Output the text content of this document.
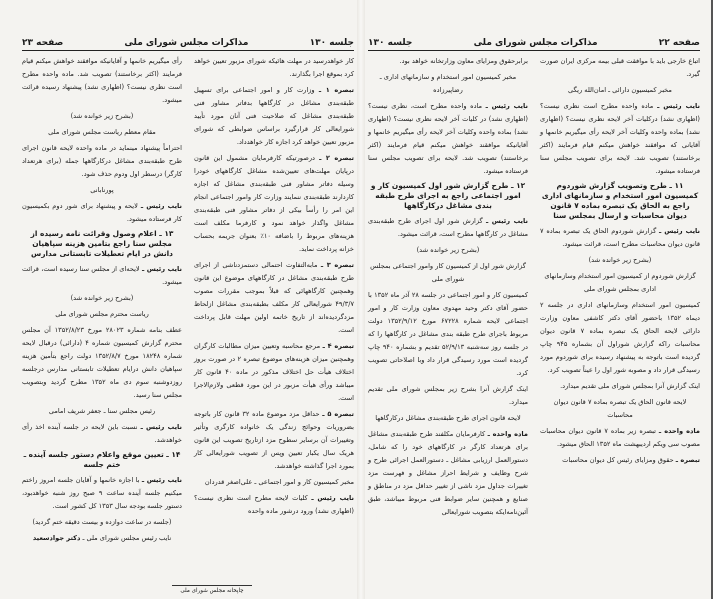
جلسه ۱۳۰
مذاکرات مجلس شورای ملی
صفحه ۲۳

کار خواهدرسید در مهلت هائیکه شورای مزبور تعیین خواهد کرد بموقع اجرا بگذارند.

تبصره ۱ ـ وزارت کار و امور اجتماعی برای تسهیل طبقه‌بندی مشاغل در کارگاهها بدفاتر مشاور فنی طبقه‌بندی مشاغل که صلاحیت فنی آنان مورد تأیید شورایعالی کار قرارگیرد براساس ضوابطی که شورای مزبور تعیین خواهد کرد اجازه کار خواهدداد.

تبصره ۲ ـ درصورتیکه کارفرمایان مشمول این قانون درپایان مهلت‌های تعیین‌شده مشاغل کارگاههای خودرا وسیله دفاتر مشاور فنی طبقه‌بندی مشاغل که اجازه کاردارند طبقه‌بندی ننمایند وزارت کار وامور اجتماعی انجام این امر را رأساً بیکی از دفاتر مشاور فنی طبقه‌بندی مشاغل واگذار خواهد نمود و کارفرما مکلف است هزینه‌های مربوط را باضافه ۱۰٪ بعنوان جریمه بحساب خزانه پرداخت نماید.

تبصره ۳ ـ مابه‌التفاوت احتمالی دستمزدناشی از اجرای طرح طبقه‌بندی مشاغل در کارگاههای موضوع این قانون وهمچنین کارگاههائی که قبلاً بموجب مقررات مصوب ۴۹/۳/۷ شورایعالی کار مکلف بطبقه‌بندی مشاغل ازلحاظ مزدگردیده‌اند از تاریخ خاتمه اولین مهلت قابل پرداخت است.

تبصره ۴ ـ مرجع محاسبه وتعیین میزان مطالبات کارگران وهمچنین میزان هزینه‌های موضوع تبصره ۲ در صورت بروز اختلاف هیأت حل اختلاف مذکور در ماده ۴۰ قانون کار میباشد ورأی هیأت مزبور در این مورد قطعی ولازم‌الاجرا است.

تبصره ۵ ـ حداقل مزد موضوع ماده ۳۲ قانون کار باتوجه بضروریات وحوائج زندگی یک خانواده کارگری وتأثیر وتغییرات آن برسایر سطوح مزد ازتاریخ تصویب این قانون هریک سال یکبار تعیین وپس از تصویب شورایعالی کار بمورد اجرا گذاشته خواهدشد.

مخبر کمیسیون کار و امور اجتماعی ـ علی‌اصغر قدردان

نایب رئیس ـ کلیات لایحه مطرح است نظری نیست؟ (اظهاری نشد) ورود درشور ماده واحده

رأی میگیریم خانمها و آقایانیکه موافقند خواهش میکنم قیام فرمایند (اکثر برخاستند) تصویب شد. ماده واحده مطرح است نظری نیست؟ (اظهاری نشد) پیشنهاد رسیده قرائت میشود.

(بشرح زیر خوانده شد)

مقام معظم ریاست مجلس شورای ملی

احتراماً پیشنهاد مینماید در ماده واحده لایحه قانون اجرای طرح طبقه‌بندی مشاغل درکارگاهها جمله (برای هرتعداد کارگر) درسطر اول ودوم حذف شود.

پورنابانی

نایب رئیس ـ لایحه و پیشنهاد برای شور دوم بکمیسیون کار فرستاده میشود.

۱۳ ـ اعلام وصول وقرائت نامه رسیده از مجلس سنا راجع بتامین هزینه سپاهیان دانش در ایام تعطیلات تابستانی مدارس

نایب رئیس ـ لایحه‌ای از مجلس سنا رسیده است، قرائت میشود.

(بشرح زیر خوانده شد)

ریاست محترم مجلس شورای ملی

عطف بنامه شماره ۲۸۰۲۳ مورخ ۱۳۵۲/۸/۲۳ آن مجلس محترم گزارش کمیسیون شماره ۴ (دارائی) درقبال لایحه شماره ۱۸۲۴۸ مورخ ۱۳۵۲/۸/۷ دولت راجع بتأمین هزینه سپاهیان دانش درایام تعطیلات تابستانی مدارس درجلسه روزدوشنبه سوم دی ماه ۱۳۵۲ مطرح گردید وبتصویب مجلس سنا رسید.

رئیس مجلس سنا ـ جعفر شریف امامی

نایب رئیس ـ نسبت باین لایحه در جلسه آینده اخذ رأی خواهدشد.

۱۴ ـ تعیین موقع واعلام دستور جلسه آینده ـ ختم جلسه

نایب رئیس ـ با اجازه خانمها و آقایان جلسه امروز راختم میکنیم جلسه آینده ساعت ۹ صبح روز شنبه خواهدبود، دستور جلسه بودجه سال ۱۳۵۳ کل کشور است.

(جلسه در ساعت دوازده و بیست دقیقه ختم گردید)

نایب رئیس مجلس شورای ملی ـ دکتر جوادسعید

چاپخانه مجلس شورای ملی
صفحه ۲۲
مذاکرات مجلس شورای ملی
جلسه ۱۳۰

اتباع خارجی باید با موافقت قبلی بیمه مرکزی ایران صورت گیرد.

مخبر کمیسیون دارائی ـ امان‌الله ریگی

نایب رئیس ـ ماده واحده مطرح است نظری نیست؟ (اظهاری نشد) درکلیات آخر لایحه نظری نیست؟ (اظهاری نشد) بماده واحده وکلیات آخر لایحه رأی میگیریم خانمها و آقایانی که موافقند خواهش میکنم قیام فرمایند (اکثر برخاستند) تصویب شد. لایحه برای تصویب مجلس سنا فرستاده میشود.

۱۱ ـ طرح وتصویب گزارش شوردوم کمیسیون امور استخدام و سازمانهای اداری راجع به الحاق یک تبصره بماده ۷ قانون دیوان محاسبات و ارسال بمجلس سنا

نایب رئیس ـ گزارش شوردوم الحاق یک تبصره بماده ۷ قانون دیوان محاسبات مطرح است، قرائت میشود.

(بشرح زیر خوانده شد)

گزارش شوردوم از کمیسیون امور استخدام وسازمانهای اداری بمجلس شورای ملی

کمیسیون امور استخدام وسازمانهای اداری در جلسه ۲ دیماه ۱۳۵۲ باحضور آقای دکتر کاشفی معاون وزارت دارائی لایحه الحاق یک تبصره بماده ۷ قانون دیوان محاسبات راکه گزارش شوراول آن بشماره ۹۴۵ چاپ گردیده است باتوجه به پیشنهاد رسیده برای شوردوم مورد رسیدگی قرار داد و مصوبه شور اول را عیناً تصویب کرد.

اینک گزارش آنرا بمجلس شورای ملی تقدیم میدارد.

لایحه قانون الحاق یک تبصره بماده ۷ قانون دیوان محاسبات

ماده واحده ـ تبصره زیر بماده ۷ قانون دیوان محاسبات مصوب سی ویکم اردیبهشت ماه ۱۳۵۲ الحاق میشود.

تبصره ـ حقوق ومزایای رئیس کل دیوان محاسبات

برابرحقوق ومزایای معاون وزارتخانه خواهد بود.

مخبر کمیسیون امور استخدام و سازمانهای اداری ـ رضاپیرزاده

نایب رئیس ـ ماده واحده مطرح است، نظری نیست؟ (اظهاری نشد) در کلیات آخر لایحه نظری نیست؟ (اظهاری نشد) بماده واحده وکلیات آخر لایحه رأی میگیریم خانمها و آقایانیکه موافقند خواهش میکنم قیام فرمایند (اکثر برخاستند) تصویب شد. لایحه برای تصویب مجلس سنا فرستاده میشود.

۱۲ ـ طرح گزارش شور اول کمیسیون کار و امور اجتماعی راجع به اجرای طرح طبقه بندی مشاغل درکارگاهها

نایب رئیس ـ گزارش شور اول اجرای طرح طبقه‌بندی مشاغل در کارگاهها مطرح است، قرائت میشود.

(بشرح زیر خوانده شد)

گزارش شور اول از کمیسیون کار وامور اجتماعی بمجلس شورای ملی

کمیسیون کار و امور اجتماعی در جلسه ۲۸ آذر ماه ۱۳۵۲ با حضور آقای دکتر وحید مهدوی معاون وزارت کار و امور اجتماعی لایحه شماره ۶۷۲۲۸ مورخ ۱۳۵۲/۹/۱۲ دولت مربوط باجرای طرح طبقه بندی مشاغل در کارگاهها را که در جلسه روز سه‌شنبه ۵۲/۹/۱۳ تقدیم و بشماره ۹۴۰ چاپ گردیده است مورد رسیدگی قرار داد وبا اصلاحاتی تصویب کرد.

اینک گزارش آنرا بشرح زیر بمجلس شورای ملی تقدیم میدارد.

لایحه قانون اجرای طرح طبقه‌بندی مشاغل درکارگاهها

ماده واحده ـ کارفرمایان مکلفند طرح طبقه‌بندی مشاغل برای هرتعداد کارگر در کارگاههای خود را که شامل، دستورالعمل ارزیابی مشاغل ـ دستورالعمل اجرائی طرح و شرح وظایف و شرایط احراز مشاغل و فهرست مزد تغییرات جداول مزد ناشی از تغییر حداقل مزد در مناطق و صنایع و همچنین سایر ضوابط فنی مربوط میباشد، طبق آئین‌نامه‌ایکه بتصویب شورایعالی
